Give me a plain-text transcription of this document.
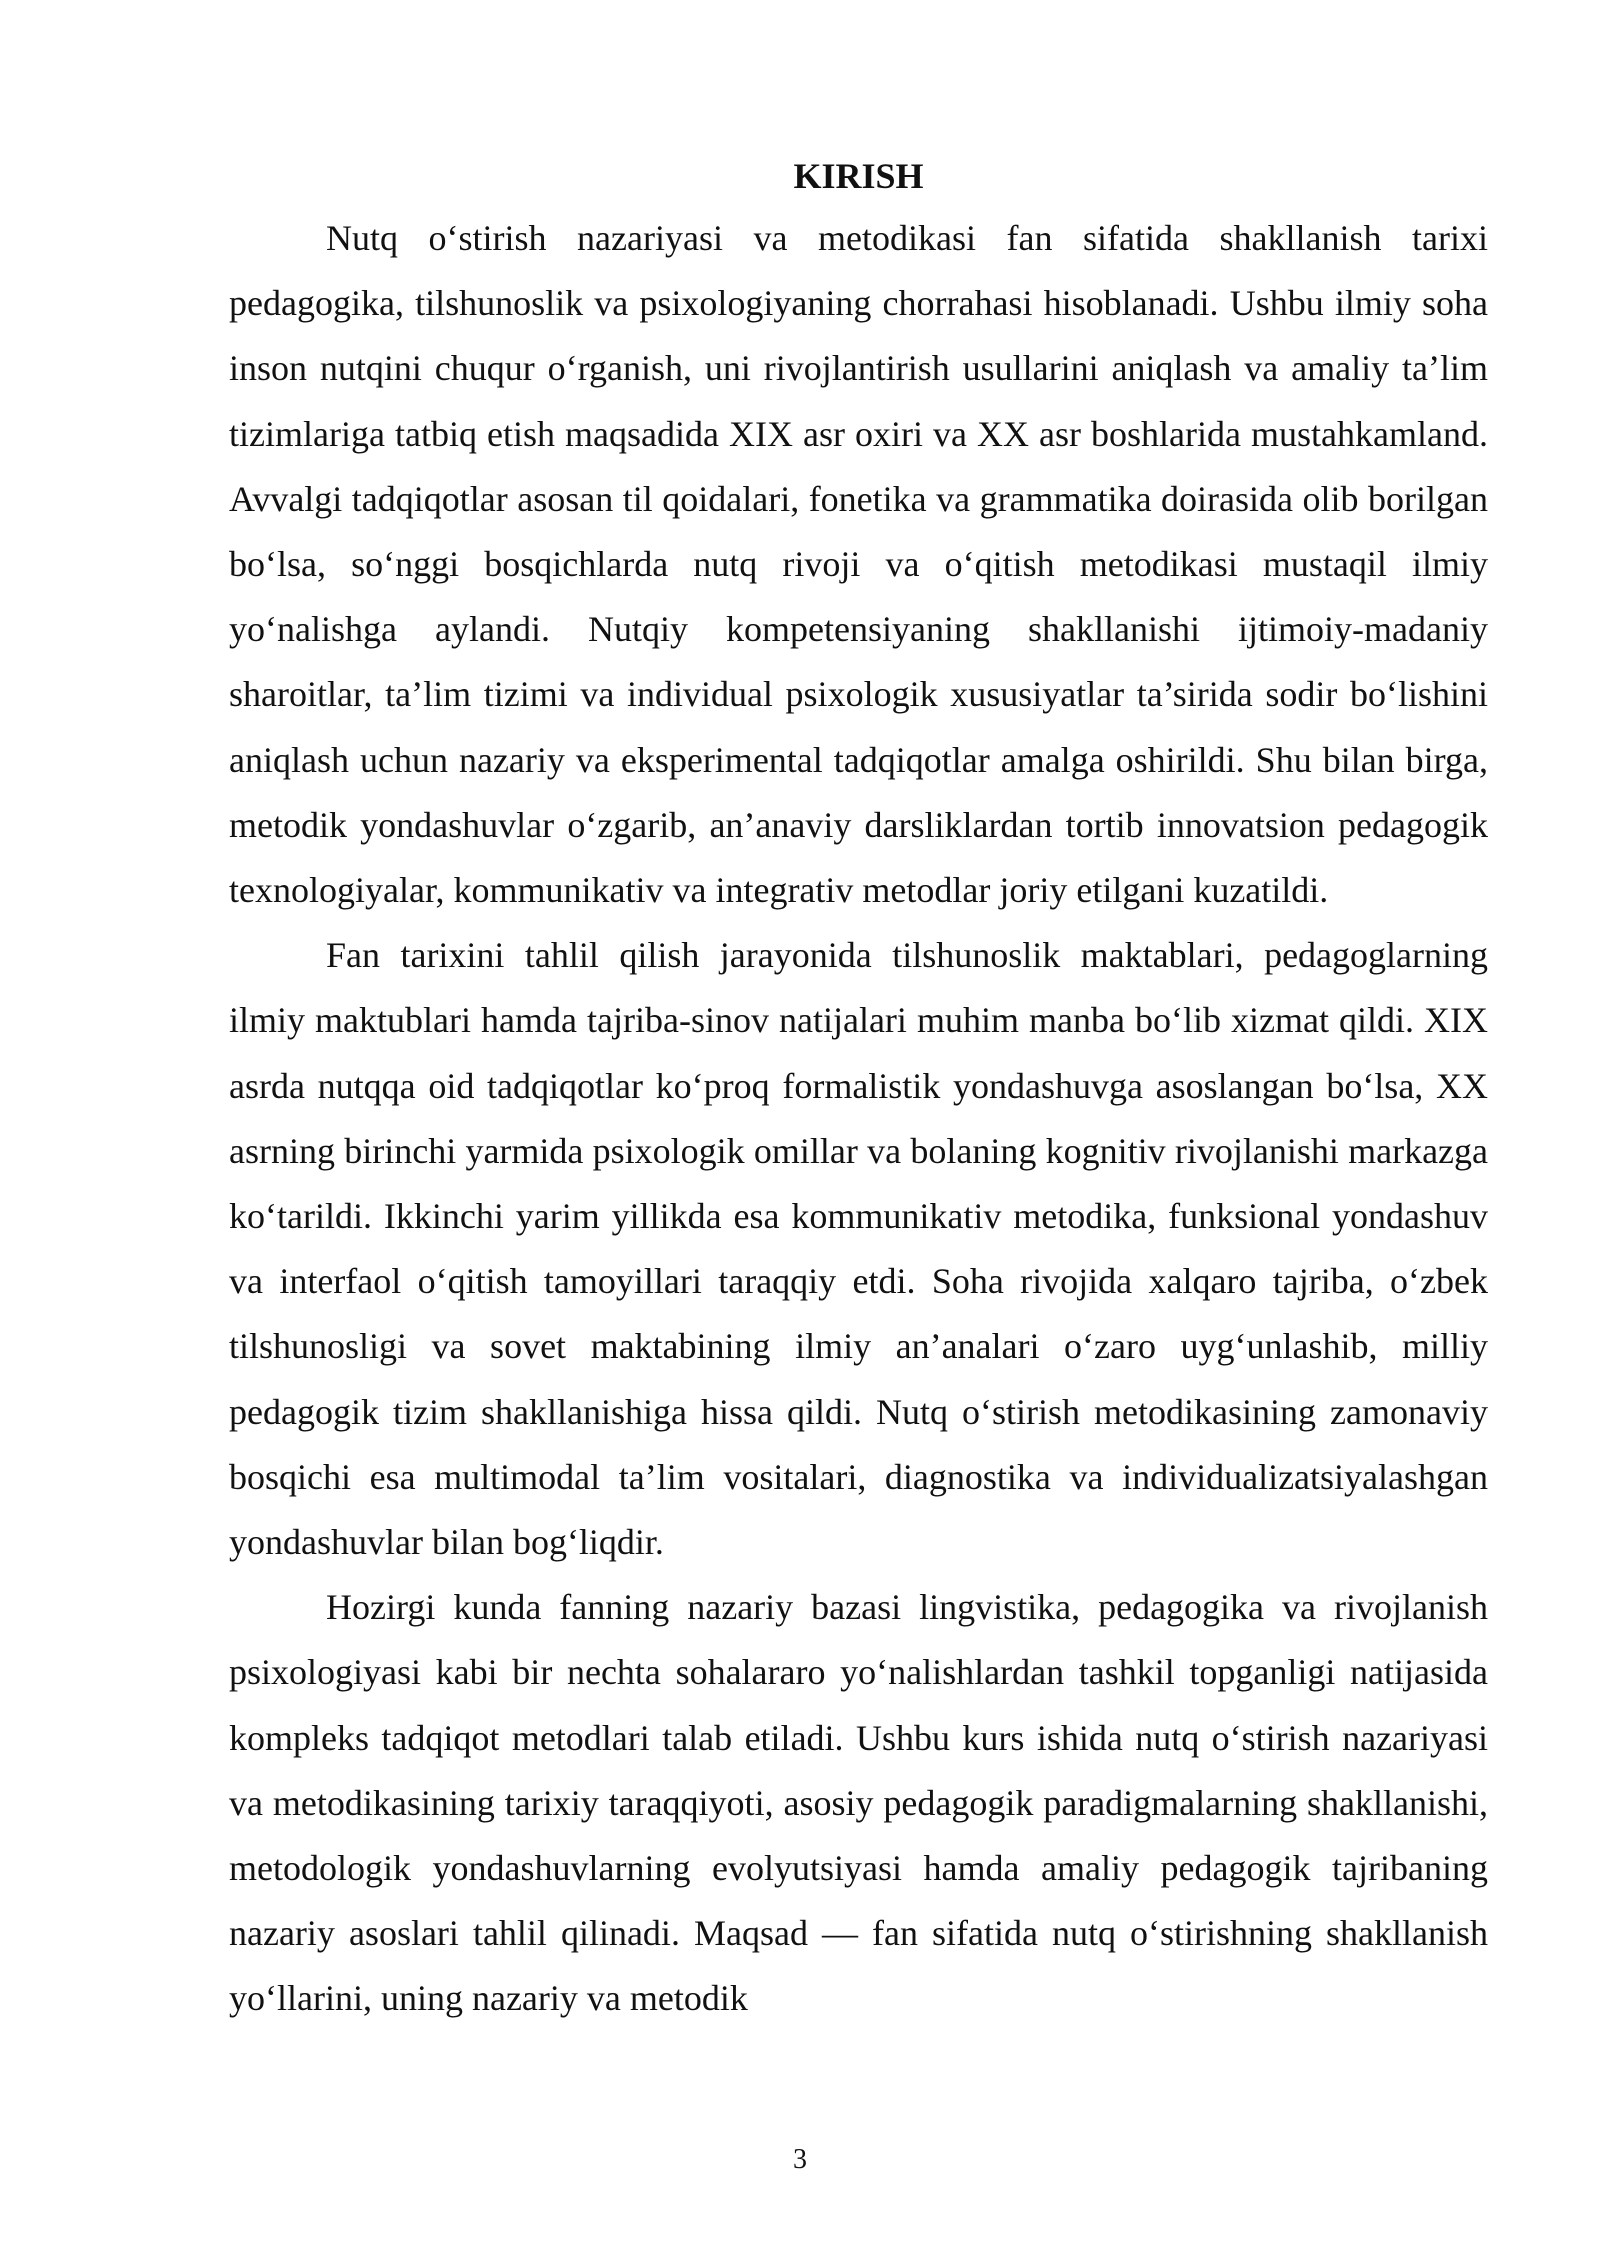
KIRISH

Nutq o‘stirish nazariyasi va metodikasi fan sifatida shakllanish tarixi pedagogika, tilshunoslik va psixologiyaning chorrahasi hisoblanadi. Ushbu ilmiy soha inson nutqini chuqur o‘rganish, uni rivojlantirish usullarini aniqlash va amaliy ta’lim tizimlariga tatbiq etish maqsadida XIX asr oxiri va XX asr boshlarida mustahkamland. Avvalgi tadqiqotlar asosan til qoidalari, fonetika va grammatika doirasida olib borilgan bo‘lsa, so‘nggi bosqichlarda nutq rivoji va o‘qitish metodikasi mustaqil ilmiy yo‘nalishga aylandi. Nutqiy kompetensiyaning shakllanishi ijtimoiy-madaniy sharoitlar, ta’lim tizimi va individual psixologik xususiyatlar ta’sirida sodir bo‘lishini aniqlash uchun nazariy va eksperimental tadqiqotlar amalga oshirildi. Shu bilan birga, metodik yondashuvlar o‘zgarib, an’anaviy darsliklardan tortib innovatsion pedagogik texnologiyalar, kommunikativ va integrativ metodlar joriy etilgani kuzatildi.

Fan tarixini tahlil qilish jarayonida tilshunoslik maktablari, pedagoglarning ilmiy maktublari hamda tajriba-sinov natijalari muhim manba bo‘lib xizmat qildi. XIX asrda nutqqa oid tadqiqotlar ko‘proq formalistik yondashuvga asoslangan bo‘lsa, XX asrning birinchi yarmida psixologik omillar va bolaning kognitiv rivojlanishi markazga ko‘tarildi. Ikkinchi yarim yillikda esa kommunikativ metodika, funksional yondashuv va interfaol o‘qitish tamoyillari taraqqiy etdi. Soha rivojida xalqaro tajriba, o‘zbek tilshunosligi va sovet maktabining ilmiy an’analari o‘zaro uyg‘unlashib, milliy pedagogik tizim shakllanishiga hissa qildi. Nutq o‘stirish metodikasining zamonaviy bosqichi esa multimodal ta’lim vositalari, diagnostika va individualizatsiyalashgan yondashuvlar bilan bog‘liqdir.

Hozirgi kunda fanning nazariy bazasi lingvistika, pedagogika va rivojlanish psixologiyasi kabi bir nechta sohalararo yo‘nalishlardan tashkil topganligi natijasida kompleks tadqiqot metodlari talab etiladi. Ushbu kurs ishida nutq o‘stirish nazariyasi va metodikasining tarixiy taraqqiyoti, asosiy pedagogik paradigmalarning shakllanishi, metodologik yondashuvlarning evolyutsiyasi hamda amaliy pedagogik tajribaning nazariy asoslari tahlil qilinadi. Maqsad — fan sifatida nutq o‘stirishning shakllanish yo‘llarini, uning nazariy va metodik

3
